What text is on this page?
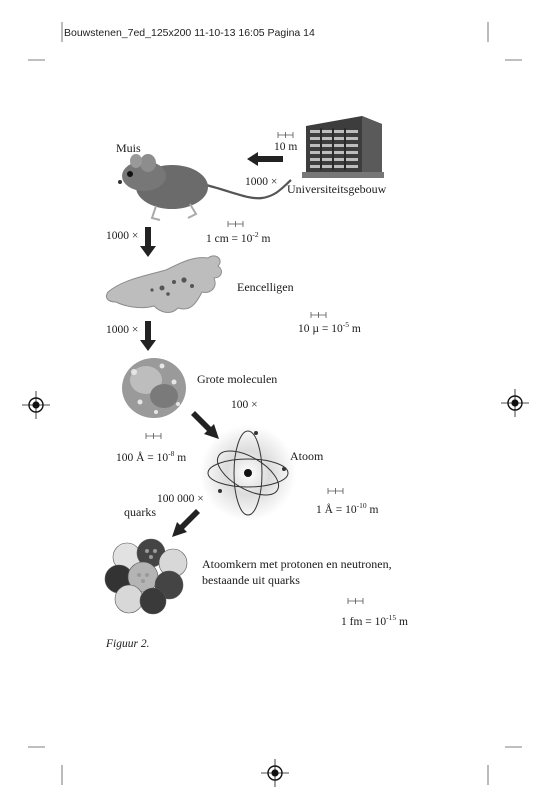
Bouwstenen_7ed_125x200 11-10-13 16:05 Pagina 14
Muis
Universiteitsgebouw
Eencelligen
Grote moleculen
Atoom
quarks
Atoomkern met protonen en neutronen,
bestaande uit quarks
1000 ×
1000 ×
1000 ×
100 ×
100 000 ×
10 m
1 cm = $10^{-2}$ m
10 $\mu = 10^{-5}$ m
100 Å = $10^{-8}$ m
1 Å = $10^{-10}$ m
1 fm = $10^{-15}$ m
Figuur 2.
